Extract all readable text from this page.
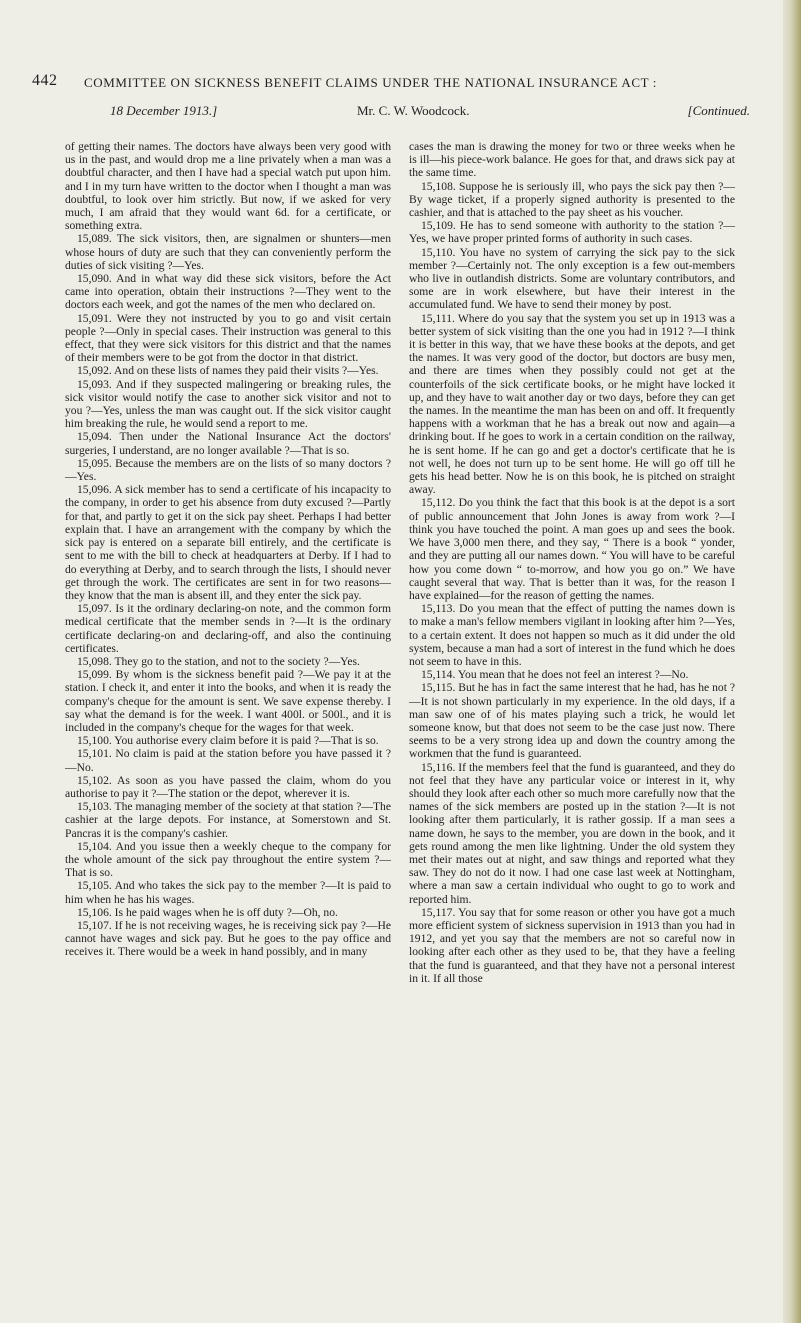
442 COMMITTEE ON SICKNESS BENEFIT CLAIMS UNDER THE NATIONAL INSURANCE ACT :
18 December 1913.]	Mr. C. W. Woodcock.	[Continued.

of getting their names. The doctors have always been very good with us in the past, and would drop me a line privately when a man was a doubtful character, and then I have had a special watch put upon him. and I in my turn have written to the doctor when I thought a man was doubtful, to look over him strictly. But now, if we asked for very much, I am afraid that they would want 6d. for a certificate, or something extra.

15,089. The sick visitors, then, are signalmen or shunters—men whose hours of duty are such that they can conveniently perform the duties of sick visiting ?—Yes.

15,090. And in what way did these sick visitors, before the Act came into operation, obtain their instructions ?—They went to the doctors each week, and got the names of the men who declared on.

15,091. Were they not instructed by you to go and visit certain people ?—Only in special cases. Their instruction was general to this effect, that they were sick visitors for this district and that the names of their members were to be got from the doctor in that district.

15,092. And on these lists of names they paid their visits ?—Yes.

15,093. And if they suspected malingering or breaking rules, the sick visitor would notify the case to another sick visitor and not to you ?—Yes, unless the man was caught out. If the sick visitor caught him breaking the rule, he would send a report to me.

15,094. Then under the National Insurance Act the doctors' surgeries, I understand, are no longer available ?—That is so.

15,095. Because the members are on the lists of so many doctors ?—Yes.

15,096. A sick member has to send a certificate of his incapacity to the company, in order to get his absence from duty excused ?—Partly for that, and partly to get it on the sick pay sheet. Perhaps I had better explain that. I have an arrangement with the company by which the sick pay is entered on a separate bill entirely, and the certificate is sent to me with the bill to check at headquarters at Derby. If I had to do everything at Derby, and to search through the lists, I should never get through the work. The certificates are sent in for two reasons—they know that the man is absent ill, and they enter the sick pay.

15,097. Is it the ordinary declaring-on note, and the common form medical certificate that the member sends in ?—It is the ordinary certificate declaring-on and declaring-off, and also the continuing certificates.

15,098. They go to the station, and not to the society ?—Yes.

15,099. By whom is the sickness benefit paid ?—We pay it at the station. I check it, and enter it into the books, and when it is ready the company's cheque for the amount is sent. We save expense thereby. I say what the demand is for the week. I want 400l. or 500l., and it is included in the company's cheque for the wages for that week.

15,100. You authorise every claim before it is paid ?—That is so.

15,101. No claim is paid at the station before you have passed it ?—No.

15,102. As soon as you have passed the claim, whom do you authorise to pay it ?—The station or the depot, wherever it is.

15,103. The managing member of the society at that station ?—The cashier at the large depots. For instance, at Somerstown and St. Pancras it is the company's cashier.

15,104. And you issue then a weekly cheque to the company for the whole amount of the sick pay throughout the entire system ?—That is so.

15,105. And who takes the sick pay to the member ?—It is paid to him when he has his wages.

15,106. Is he paid wages when he is off duty ?—Oh, no.

15,107. If he is not receiving wages, he is receiving sick pay ?—He cannot have wages and sick pay. But he goes to the pay office and receives it. There would be a week in hand possibly, and in many

cases the man is drawing the money for two or three weeks when he is ill—his piece-work balance. He goes for that, and draws sick pay at the same time.

15,108. Suppose he is seriously ill, who pays the sick pay then ?—By wage ticket, if a properly signed authority is presented to the cashier, and that is attached to the pay sheet as his voucher.

15,109. He has to send someone with authority to the station ?—Yes, we have proper printed forms of authority in such cases.

15,110. You have no system of carrying the sick pay to the sick member ?—Certainly not. The only exception is a few out-members who live in outlandish districts. Some are voluntary contributors, and some are in work elsewhere, but have their interest in the accumulated fund. We have to send their money by post.

15,111. Where do you say that the system you set up in 1913 was a better system of sick visiting than the one you had in 1912 ?—I think it is better in this way, that we have these books at the depots, and get the names. It was very good of the doctor, but doctors are busy men, and there are times when they possibly could not get at the counterfoils of the sick certificate books, or he might have locked it up, and they have to wait another day or two days, before they can get the names. In the meantime the man has been on and off. It frequently happens with a workman that he has a break out now and again—a drinking bout. If he goes to work in a certain condition on the railway, he is sent home. If he can go and get a doctor's certificate that he is not well, he does not turn up to be sent home. He will go off till he gets his head better. Now he is on this book, he is pitched on straight away.

15,112. Do you think the fact that this book is at the depot is a sort of public announcement that John Jones is away from work ?—I think you have touched the point. A man goes up and sees the book. We have 3,000 men there, and they say, “ There is a book “ yonder, and they are putting all our names down. “ You will have to be careful how you come down “ to-morrow, and how you go on.” We have caught several that way. That is better than it was, for the reason I have explained—for the reason of getting the names.

15,113. Do you mean that the effect of putting the names down is to make a man's fellow members vigilant in looking after him ?—Yes, to a certain extent. It does not happen so much as it did under the old system, because a man had a sort of interest in the fund which he does not seem to have in this.

15,114. You mean that he does not feel an interest ?—No.

15,115. But he has in fact the same interest that he had, has he not ?—It is not shown particularly in my experience. In the old days, if a man saw one of of his mates playing such a trick, he would let someone know, but that does not seem to be the case just now. There seems to be a very strong idea up and down the country among the workmen that the fund is guaranteed.

15,116. If the members feel that the fund is guaranteed, and they do not feel that they have any particular voice or interest in it, why should they look after each other so much more carefully now that the names of the sick members are posted up in the station ?—It is not looking after them particularly, it is rather gossip. If a man sees a name down, he says to the member, you are down in the book, and it gets round among the men like lightning. Under the old system they met their mates out at night, and saw things and reported what they saw. They do not do it now. I had one case last week at Nottingham, where a man saw a certain individual who ought to go to work and reported him.

15,117. You say that for some reason or other you have got a much more efficient system of sickness supervision in 1913 than you had in 1912, and yet you say that the members are not so careful now in looking after each other as they used to be, that they have a feeling that the fund is guaranteed, and that they have not a personal interest in it. If all those
